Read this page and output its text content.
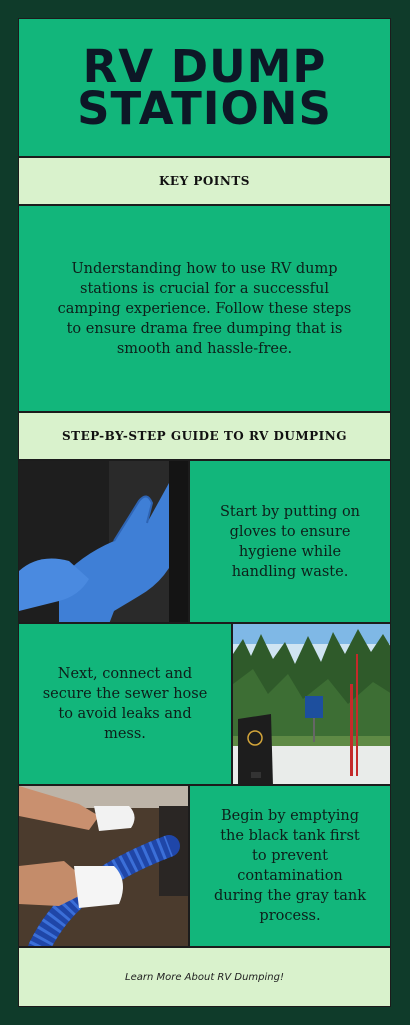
RV DUMP
STATIONS
KEY POINTS

Understanding how to use RV dump stations is crucial for a successful camping experience. Follow these steps to ensure drama free dumping that is smooth and hassle-free.

STEP-BY-STEP GUIDE TO RV DUMPING

Start by putting on gloves to ensure hygiene while handling waste.

Next, connect and secure the sewer hose to avoid leaks and mess.

Begin by emptying the black tank first to prevent contamination during the gray tank process.

Learn More About RV Dumping!
